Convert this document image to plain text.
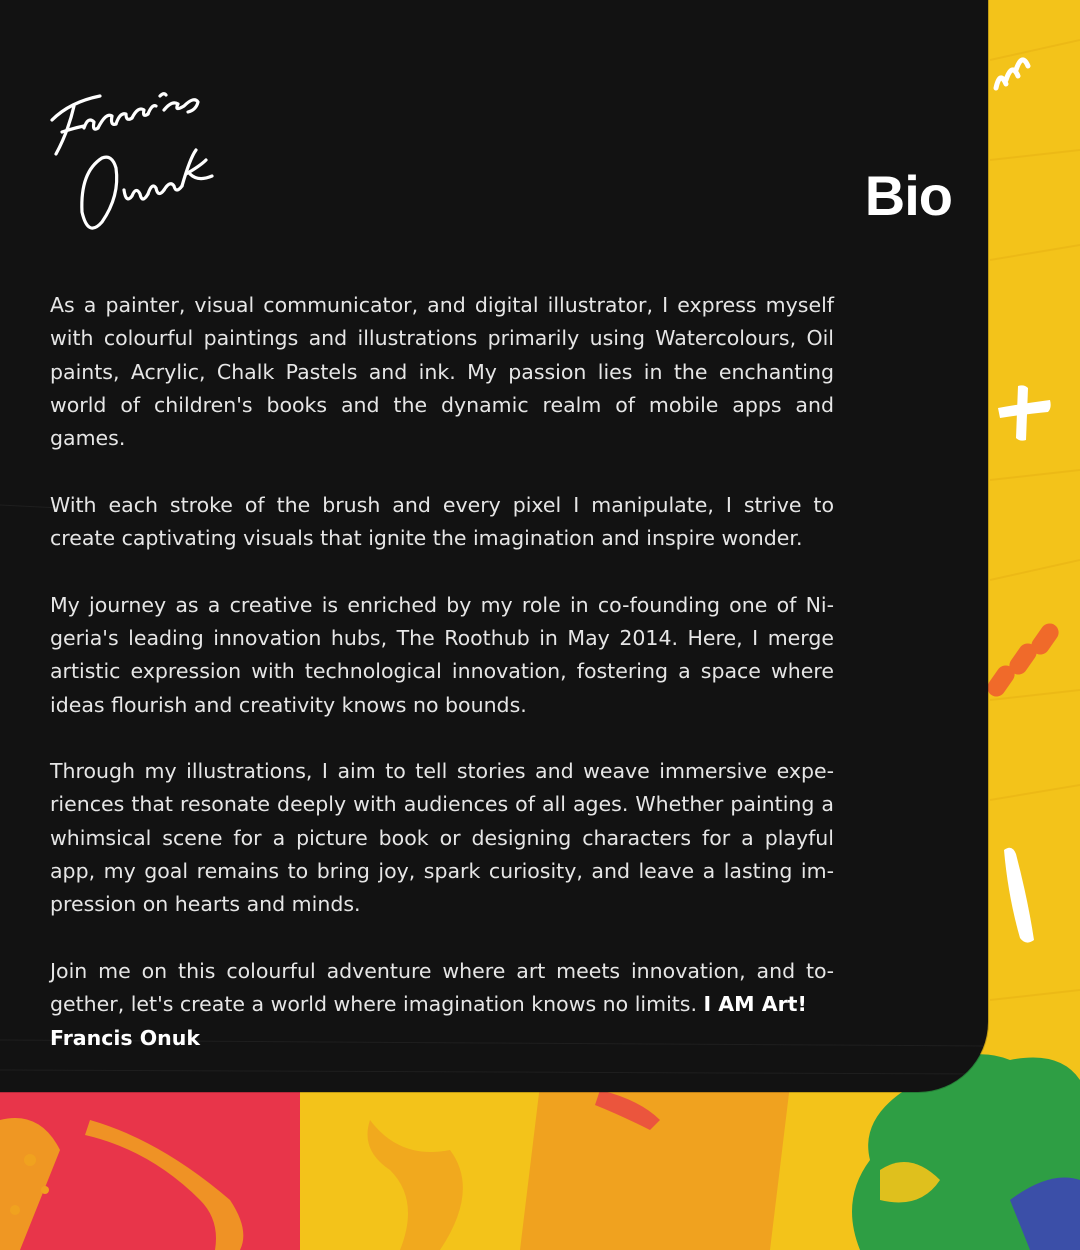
Bio

As a painter, visual communicator, and digital illustrator, I express myself with colourful paintings and illustrations primarily using Watercolours, Oil paints, Acrylic, Chalk Pastels and ink. My passion lies in the enchanting world of children's books and the dynamic realm of mobile apps and games.

With each stroke of the brush and every pixel I manipulate, I strive to create captivating visuals that ignite the imagination and inspire wonder.

My journey as a creative is enriched by my role in co-founding one of Nigeria's leading innovation hubs, The Roothub in May 2014. Here, I merge artistic expression with technological innovation, fostering a space where ideas flourish and creativity knows no bounds.

Through my illustrations, I aim to tell stories and weave immersive experiences that resonate deeply with audiences of all ages. Whether painting a whimsical scene for a picture book or designing characters for a playful app, my goal remains to bring joy, spark curiosity, and leave a lasting impression on hearts and minds.

Join me on this colourful adventure where art meets innovation, and together, let's create a world where imagination knows no limits. I AM Art!
Francis Onuk
